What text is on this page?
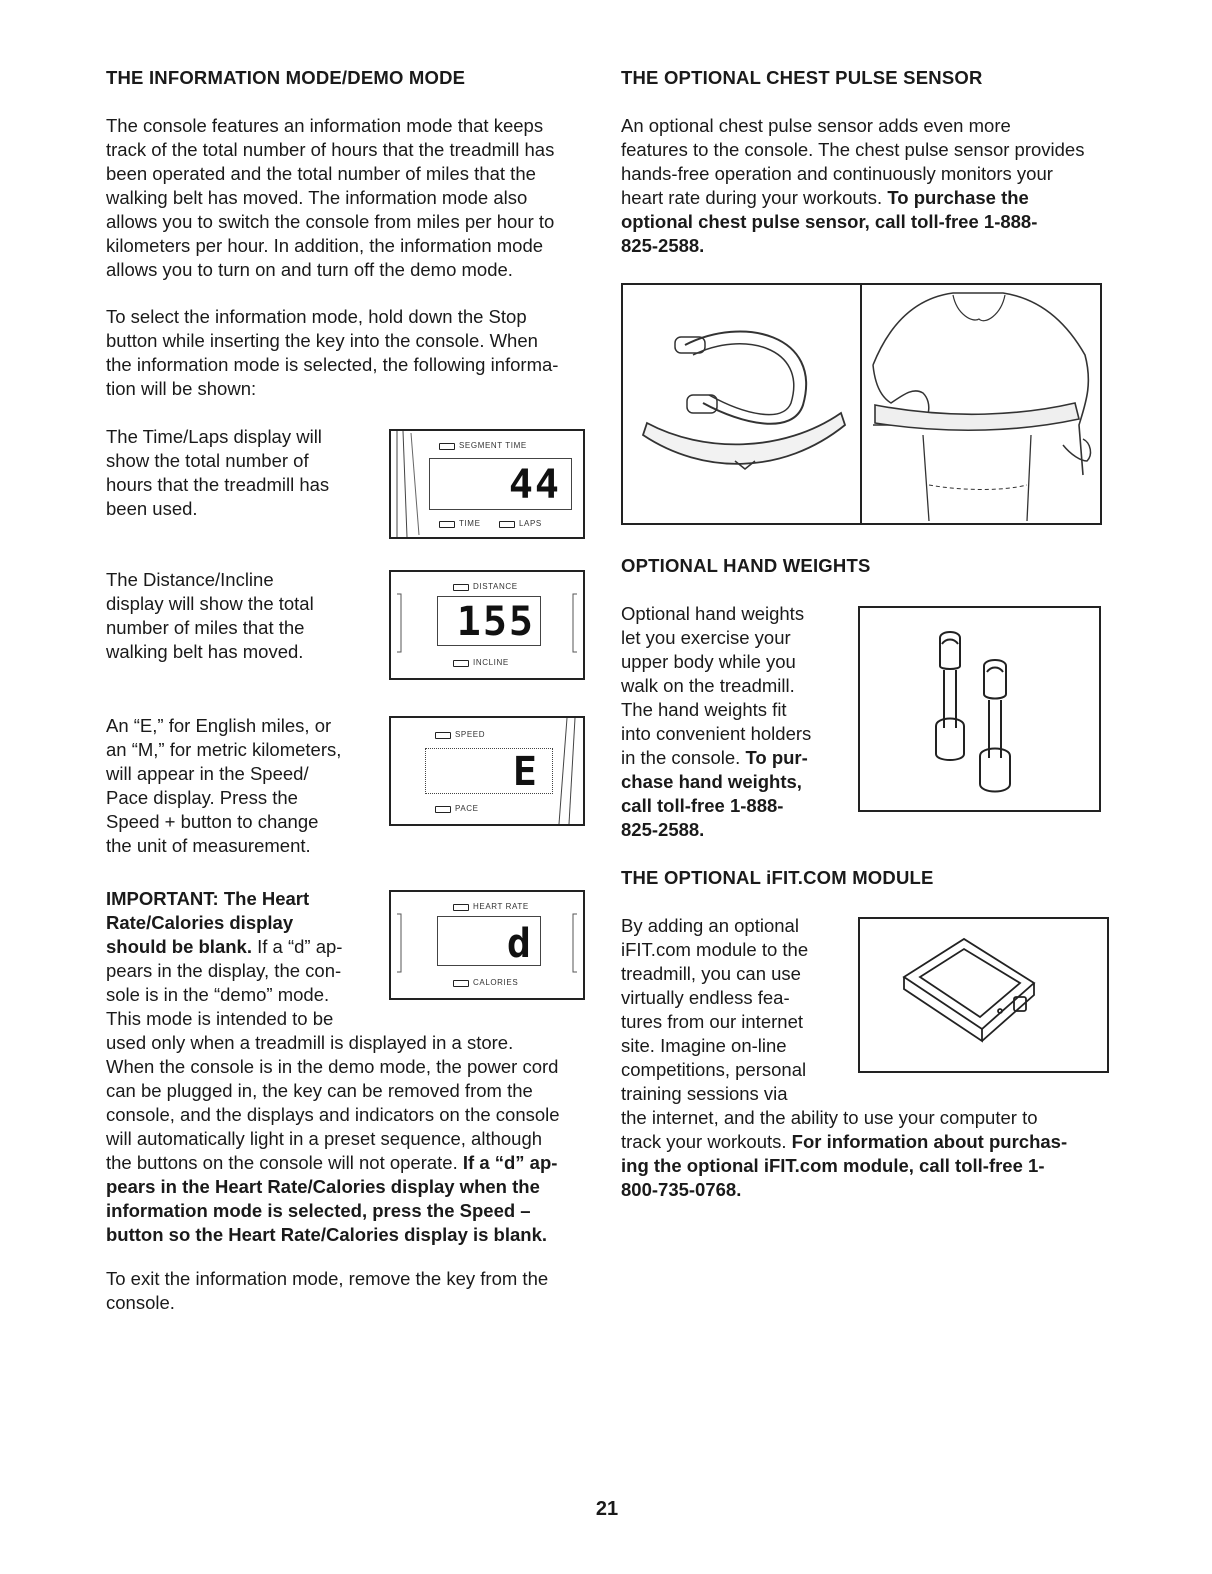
THE INFORMATION MODE/DEMO MODE

The console features an information mode that keeps

track of the total number of hours that the treadmill has

been operated and the total number of miles that the

walking belt has moved. The information mode also

allows you to switch the console from miles per hour to

kilometers per hour. In addition, the information mode

allows you to turn on and turn off the demo mode.

To select the information mode, hold down the Stop

button while inserting the key into the console. When

the information mode is selected, the following informa-

tion will be shown:

The Time/Laps display will

show the total number of

hours that the treadmill has

been used.

The Distance/Incline

display will show the total

number of miles that the

walking belt has moved.

An “E,” for English miles, or

an “M,” for metric kilometers,

will appear in the Speed/

Pace display. Press the

Speed + button to change

the unit of measurement.

IMPORTANT: The Heart

Rate/Calories display

should be blank. If a “d” ap-

pears in the display, the con-

sole is in the “demo” mode.

This mode is intended to be

used only when a treadmill is displayed in a store.

When the console is in the demo mode, the power cord

can be plugged in, the key can be removed from the

console, and the displays and indicators on the console

will automatically light in a preset sequence, although

the buttons on the console will not operate. If a “d” ap-

pears in the Heart Rate/Calories display when the

information mode is selected, press the Speed –

button so the Heart Rate/Calories display is blank.

To exit the information mode, remove the key from the

console.

SEGMENT TIME
44
TIME	LAPS
DISTANCE
155
INCLINE
SPEED
E
PACE
HEART RATE
d
CALORIES
THE OPTIONAL CHEST PULSE SENSOR

An optional chest pulse sensor adds even more

features to the console. The chest pulse sensor provides

hands-free operation and continuously monitors your

heart rate during your workouts. To purchase the

optional chest pulse sensor, call toll-free 1-888-

825-2588.

OPTIONAL HAND WEIGHTS

Optional hand weights

let you exercise your

upper body while you

walk on the treadmill.

The hand weights fit

into convenient holders

in the console. To pur-

chase hand weights,

call toll-free 1-888-

825-2588.

THE OPTIONAL iFIT.COM MODULE

By adding an optional

iFIT.com module to the

treadmill, you can use

virtually endless fea-

tures from our internet

site. Imagine on-line

competitions, personal

training sessions via

the internet, and the ability to use your computer to

track your workouts. For information about purchas-

ing the optional iFIT.com module, call toll-free 1-

800-735-0768.

21
